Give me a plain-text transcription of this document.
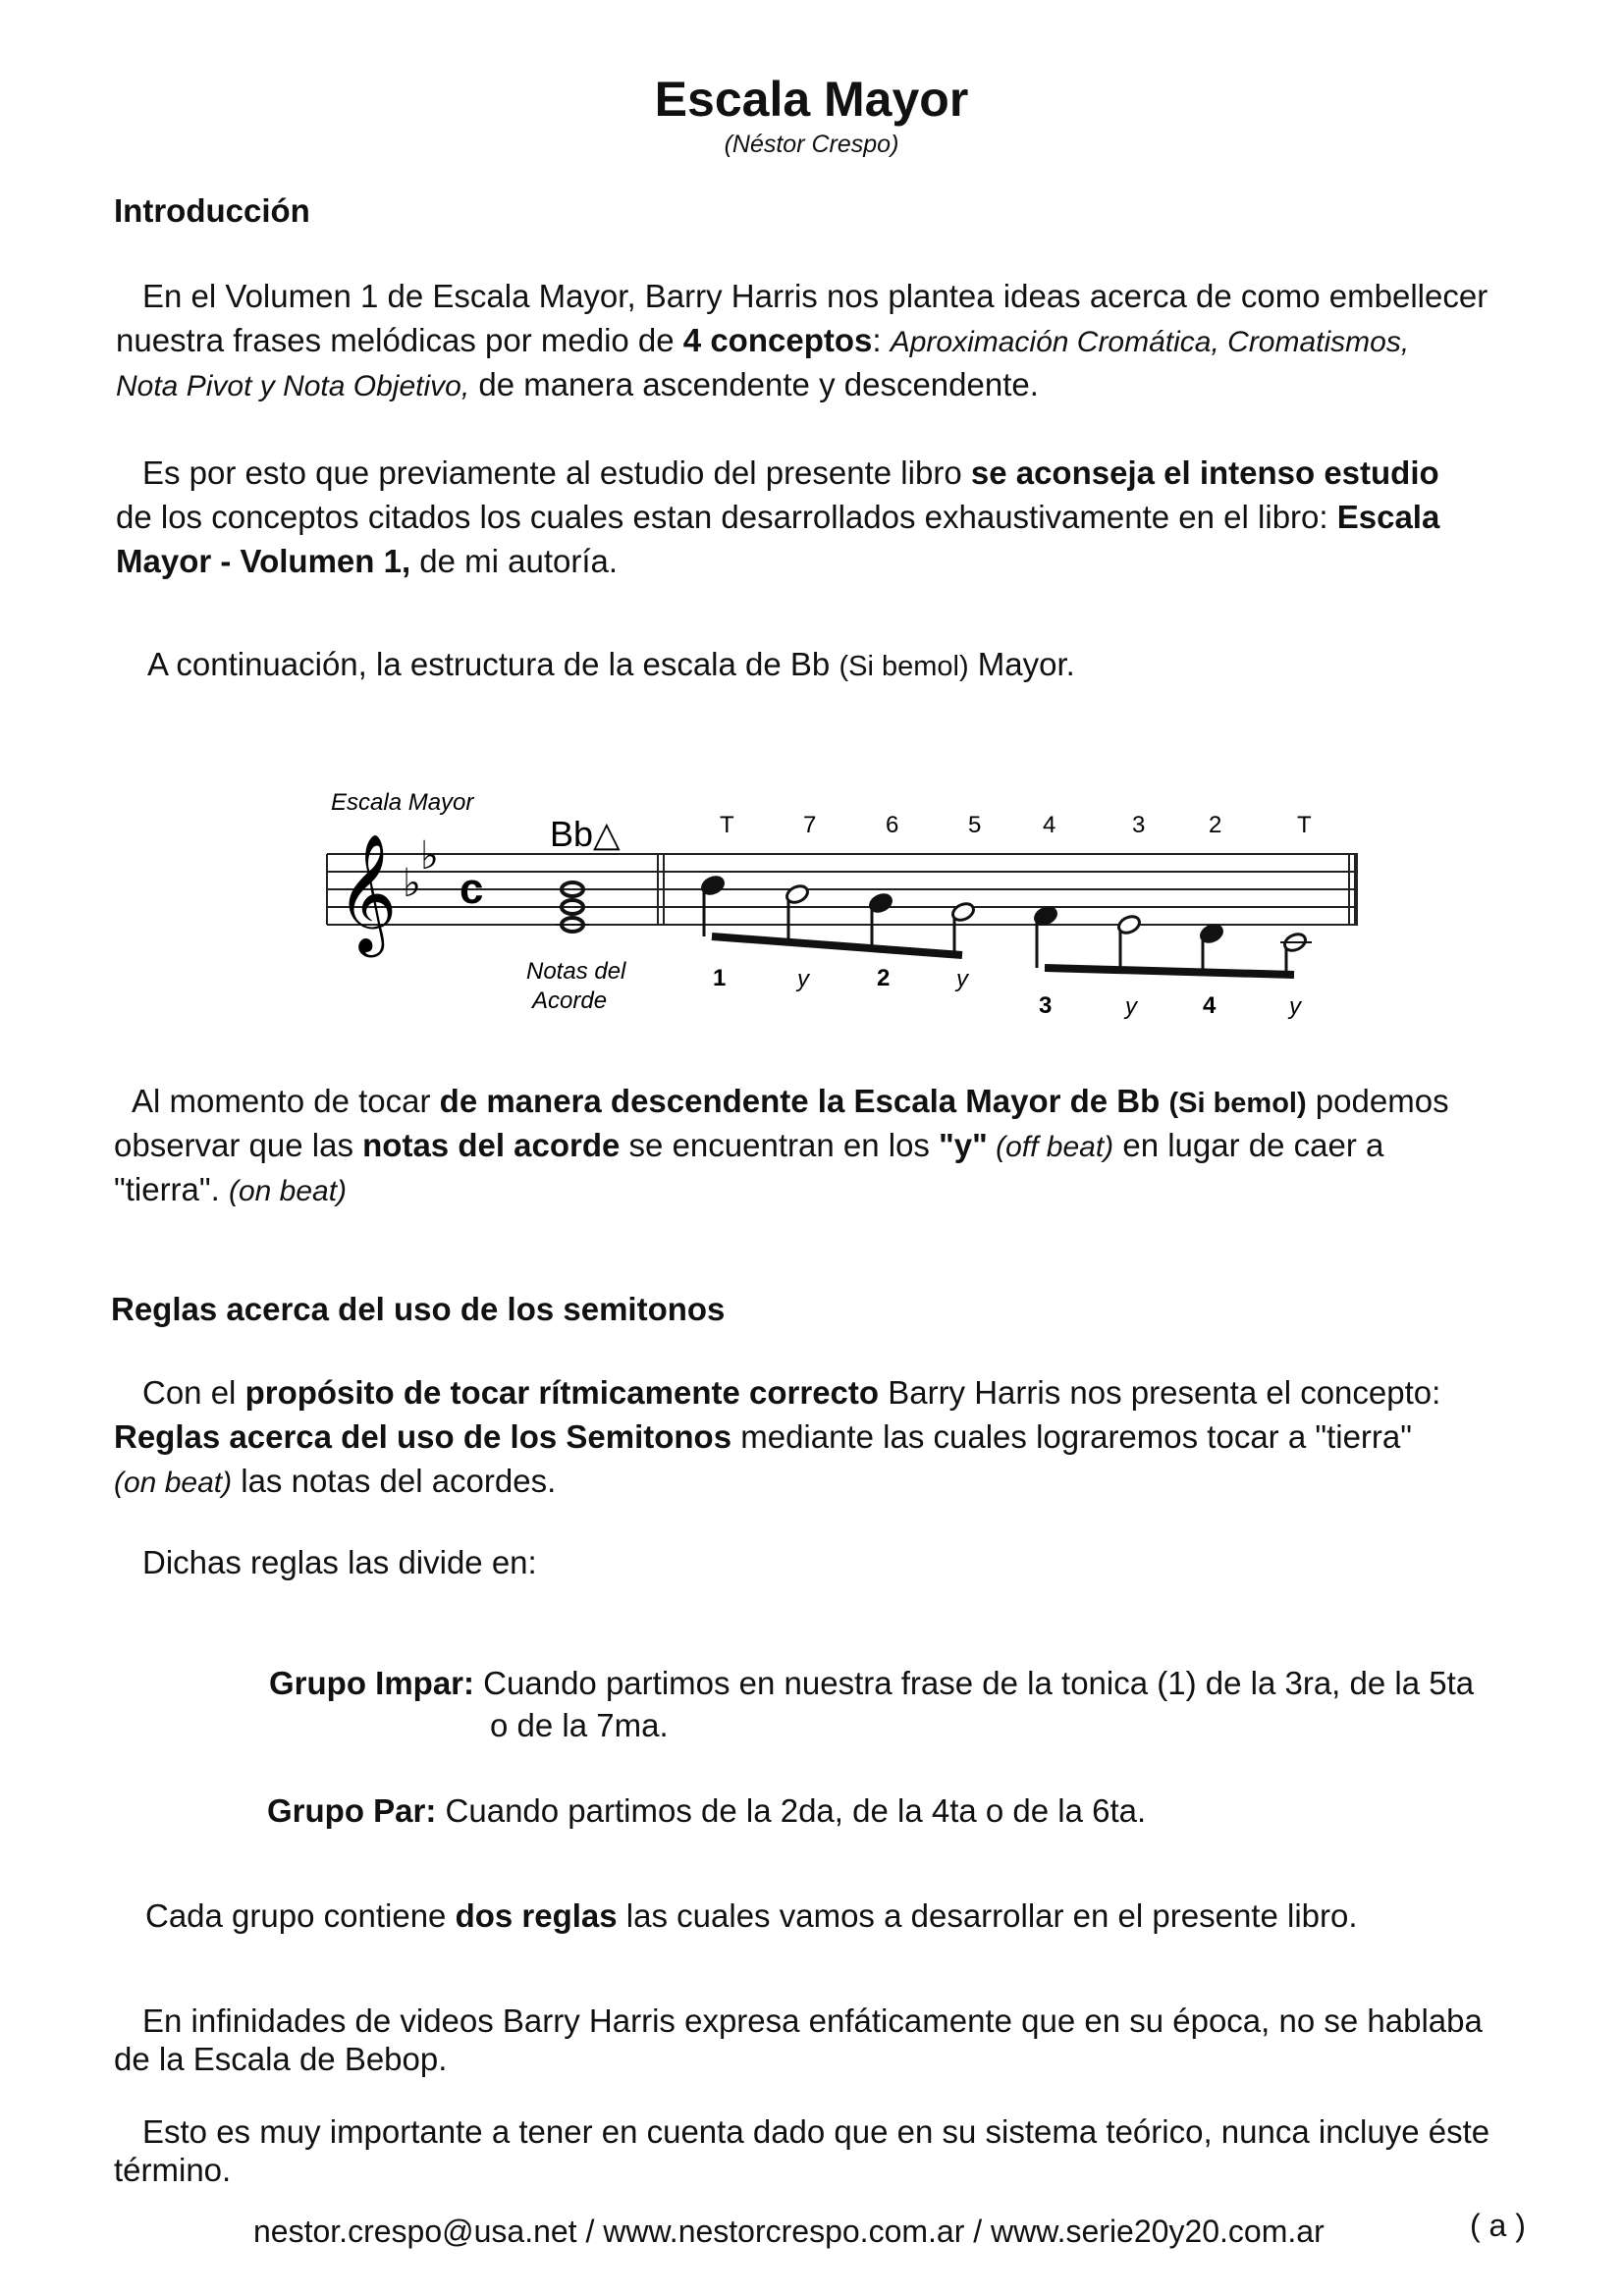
Escala Mayor
(Néstor Crespo)
Introducción
En el Volumen 1 de Escala Mayor, Barry Harris nos plantea ideas acerca de como embellecer
nuestra frases melódicas por medio de 4 conceptos: Aproximación Cromática, Cromatismos,
Nota Pivot y Nota Objetivo, de manera ascendente y descendente.
Es por esto que previamente al estudio del presente libro se aconseja el intenso estudio
de los conceptos citados los cuales estan desarrollados exhaustivamente en el libro: Escala
Mayor - Volumen 1, de mi autoría.
A continuación, la estructura de la escala de Bb (Si bemol) Mayor.
Escala Mayor
Bb△
𝄞 ♭
♭
c
Notas del
Acorde
T	7	6	5	4	3	2	T
1	y	2	y
3	y	4	y
Al momento de tocar de manera descendente la Escala Mayor de Bb (Si bemol) podemos
observar que las notas del acorde se encuentran en los "y" (off beat) en lugar de caer a
"tierra". (on beat)
Reglas acerca del uso de los semitonos
Con el propósito de tocar rítmicamente correcto Barry Harris nos presenta el concepto:
Reglas acerca del uso de los Semitonos mediante las cuales lograremos tocar a "tierra"
(on beat) las notas del acordes.
Dichas reglas las divide en:
Grupo Impar: Cuando partimos en nuestra frase de la tonica (1) de la 3ra, de la 5ta
o de la 7ma.
Grupo Par: Cuando partimos de la 2da, de la 4ta o de la 6ta.
Cada grupo contiene dos reglas las cuales vamos a desarrollar en el presente libro.
En infinidades de videos Barry Harris expresa enfáticamente que en su época, no se hablaba
de la Escala de Bebop.
Esto es muy importante a tener en cuenta dado que en su sistema teórico, nunca incluye éste
término.
nestor.crespo@usa.net / www.nestorcrespo.com.ar / www.serie20y20.com.ar	( a )
